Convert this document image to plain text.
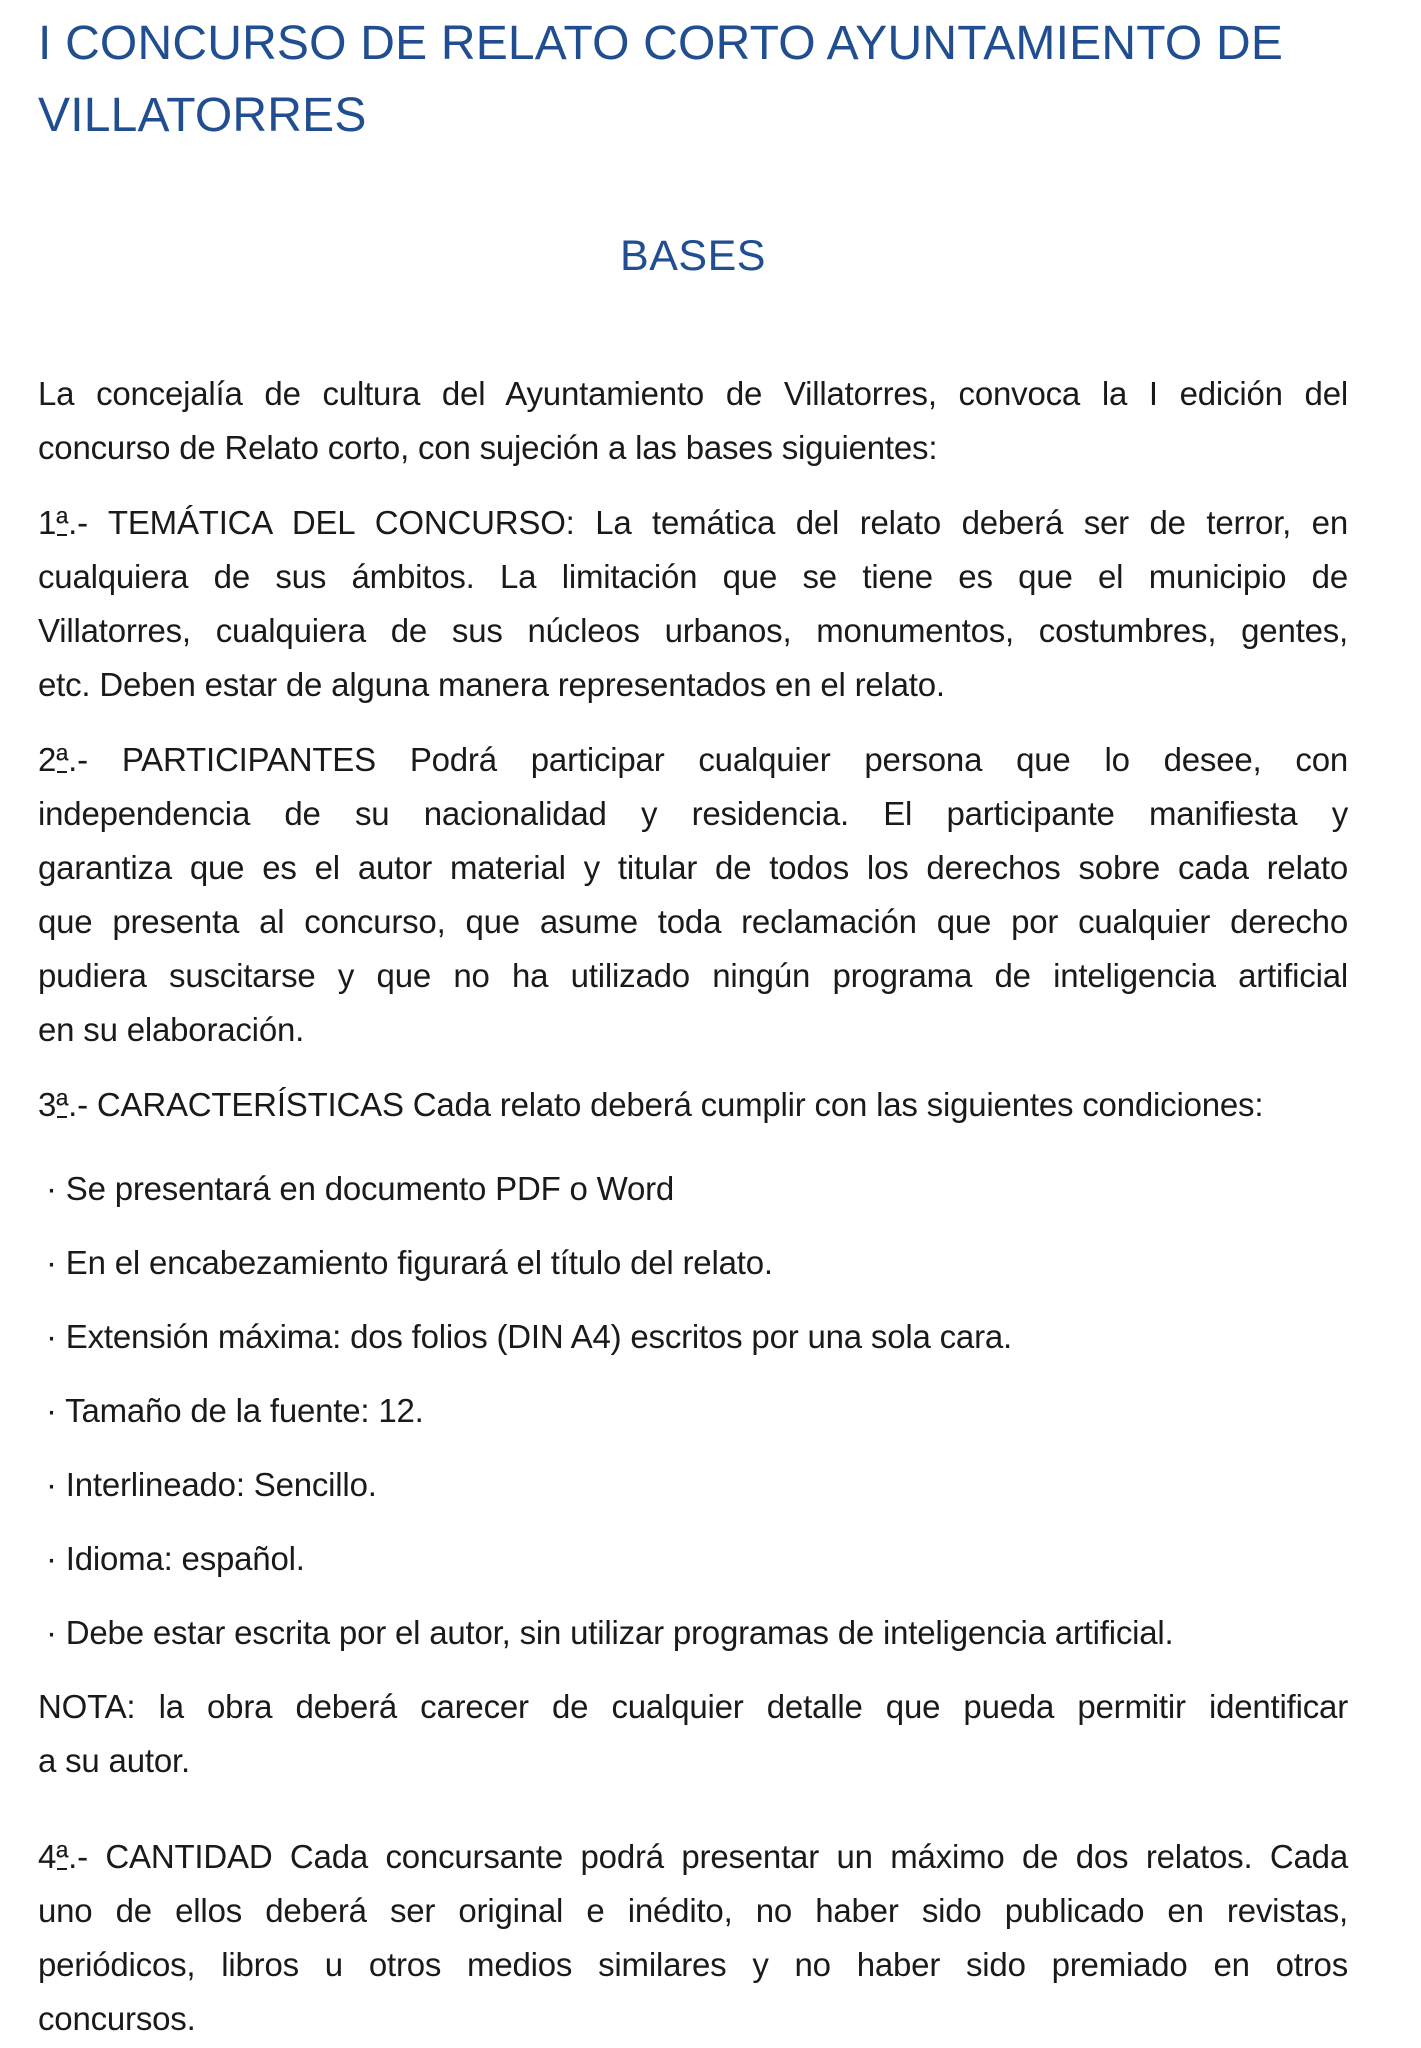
I CONCURSO DE RELATO CORTO AYUNTAMIENTO DE
VILLATORRES
BASES

La concejalía de cultura del Ayuntamiento de Villatorres, convoca la I edición del
concurso de Relato corto, con sujeción a las bases siguientes:

1ª.- TEMÁTICA DEL CONCURSO: La temática del relato deberá ser de terror, en
cualquiera de sus ámbitos. La limitación que se tiene es que el municipio de
Villatorres, cualquiera de sus núcleos urbanos, monumentos, costumbres, gentes,
etc. Deben estar de alguna manera representados en el relato.

2ª.- PARTICIPANTES Podrá participar cualquier persona que lo desee, con
independencia de su nacionalidad y residencia. El participante manifiesta y
garantiza que es el autor material y titular de todos los derechos sobre cada relato
que presenta al concurso, que asume toda reclamación que por cualquier derecho
pudiera suscitarse y que no ha utilizado ningún programa de inteligencia artificial
en su elaboración.

3ª.- CARACTERÍSTICAS Cada relato deberá cumplir con las siguientes condiciones:

· Se presentará en documento PDF o Word

· En el encabezamiento figurará el título del relato.

· Extensión máxima: dos folios (DIN A4) escritos por una sola cara.

· Tamaño de la fuente: 12.

· Interlineado: Sencillo.

· Idioma: español.

· Debe estar escrita por el autor, sin utilizar programas de inteligencia artificial.

NOTA: la obra deberá carecer de cualquier detalle que pueda permitir identificar
a su autor.

4ª.- CANTIDAD Cada concursante podrá presentar un máximo de dos relatos. Cada
uno de ellos deberá ser original e inédito, no haber sido publicado en revistas,
periódicos, libros u otros medios similares y no haber sido premiado en otros
concursos.
